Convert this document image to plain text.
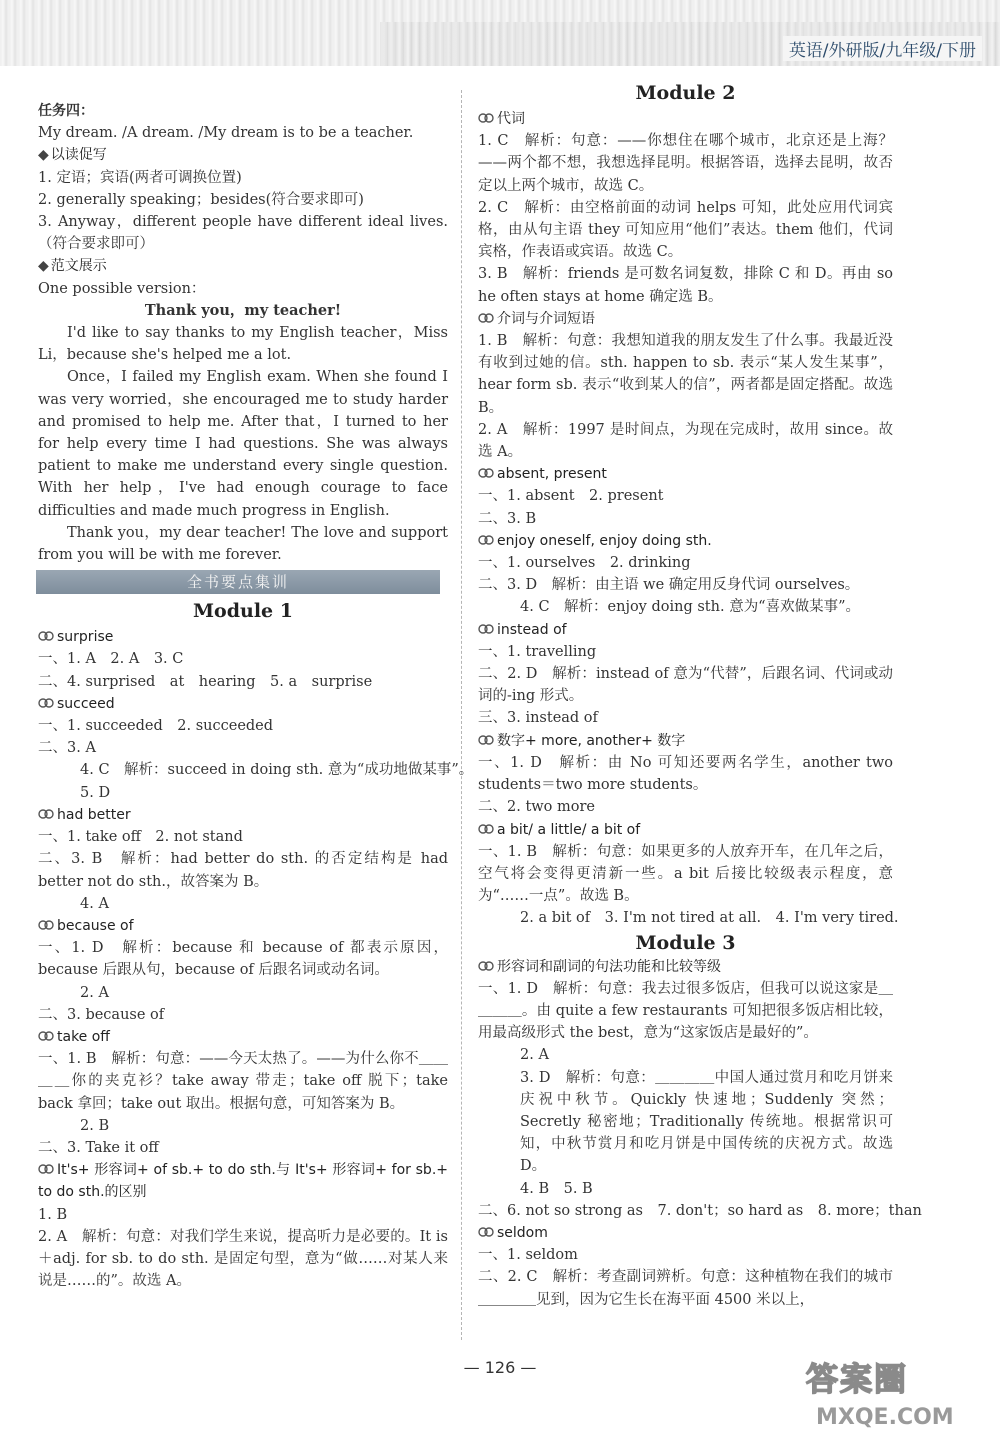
英语/外研版/九年级/下册
任务四：
My dream. /A dream. /My dream is to be a teacher.
◆ 以读促写
1. 定语；宾语(两者可调换位置)
2. generally speaking；besides(符合要求即可)
3. Anyway，different people have different ideal lives.（符合要求即可）
◆ 范文展示
One possible version：
Thank you，my teacher!
I'd like to say thanks to my English teacher，Miss Li，because she's helped me a lot.
Once，I failed my English exam. When she found I was very worried，she encouraged me to study harder and promised to help me. After that，I turned to her for help every time I had questions. She was always patient to make me understand every single question. With her help，I've had enough courage to face difficulties and made much progress in English.
Thank you，my dear teacher! The love and support from you will be with me forever.
全书要点集训
Module 1
surprise
一、1. A　2. A　3. C
二、4. surprised　at　hearing　5. a　surprise
succeed
一、1. succeeded　2. succeeded
二、3. A
4. C　解析：succeed in doing sth. 意为“成功地做某事”。
5. D
had better
一、1. take off　2. not stand
二、3. B　解析：had better do sth. 的否定结构是 had better not do sth.，故答案为 B。
4. A
because of
一、1. D　解析：because 和 because of 都表示原因，because 后跟从句，because of 后跟名词或动名词。
2. A
二、3. because of
take off
一、1. B　解析：句意：——今天太热了。——为什么你不＿＿＿＿你的夹克衫？take away 带走；take off 脱下；take back 拿回；take out 取出。根据句意，可知答案为 B。
2. B
二、3. Take it off
It's+ 形容词+ of sb.+ to do sth.与 It's+ 形容词+ for sb.+ to do sth.的区别
1. B
2. A　解析：句意：对我们学生来说，提高听力是必要的。It is ＋adj. for sb. to do sth. 是固定句型，意为“做……对某人来说是……的”。故选 A。
Module 2
代词
1. C　解析：句意：——你想住在哪个城市，北京还是上海？——两个都不想，我想选择昆明。根据答语，选择去昆明，故否定以上两个城市，故选 C。
2. C　解析：由空格前面的动词 helps 可知，此处应用代词宾格，由从句主语 they 可知应用“他们”表达。them 他们，代词宾格，作表语或宾语。故选 C。
3. B　解析：friends 是可数名词复数，排除 C 和 D。再由 so he often stays at home 确定选 B。
介词与介词短语
1. B　解析：句意：我想知道我的朋友发生了什么事。我最近没有收到过她的信。sth. happen to sb. 表示“某人发生某事”，hear form sb. 表示“收到某人的信”，两者都是固定搭配。故选 B。
2. A　解析：1997 是时间点，为现在完成时，故用 since。故选 A。
absent, present
一、1. absent　2. present
二、3. B
enjoy oneself, enjoy doing sth.
一、1. ourselves　2. drinking
二、3. D　解析：由主语 we 确定用反身代词 ourselves。
4. C　解析：enjoy doing sth. 意为“喜欢做某事”。
instead of
一、1. travelling
二、2. D　解析：instead of 意为“代替”，后跟名词、代词或动词的-ing 形式。
三、3. instead of
数字+ more, another+ 数字
一、1. D　解析：由 No 可知还要两名学生，another two students＝two more students。
二、2. two more
a bit/ a little/ a bit of
一、1. B　解析：句意：如果更多的人放弃开车，在几年之后，空气将会变得更清新一些。a bit 后接比较级表示程度，意为“……一点”。故选 B。
2. a bit of　3. I'm not tired at all.　4. I'm very tired.
Module 3
形容词和副词的句法功能和比较等级
一、1. D　解析：句意：我去过很多饭店，但我可以说这家是＿＿＿＿。由 quite a few restaurants 可知把很多饭店相比较，用最高级形式 the best，意为“这家饭店是最好的”。
2. A
3. D　解析：句意：＿＿＿＿中国人通过赏月和吃月饼来庆祝中秋节。Quickly 快速地；Suddenly 突然；Secretly 秘密地；Traditionally 传统地。根据常识可知，中秋节赏月和吃月饼是中国传统的庆祝方式。故选 D。
4. B　5. B
二、6. not so strong as　7. don't；so hard as　8. more；than
seldom
一、1. seldom
二、2. C　解析：考查副词辨析。句意：这种植物在我们的城市＿＿＿＿见到，因为它生长在海平面 4500 米以上，
— 126 —	答案圈
MXQE.COM
